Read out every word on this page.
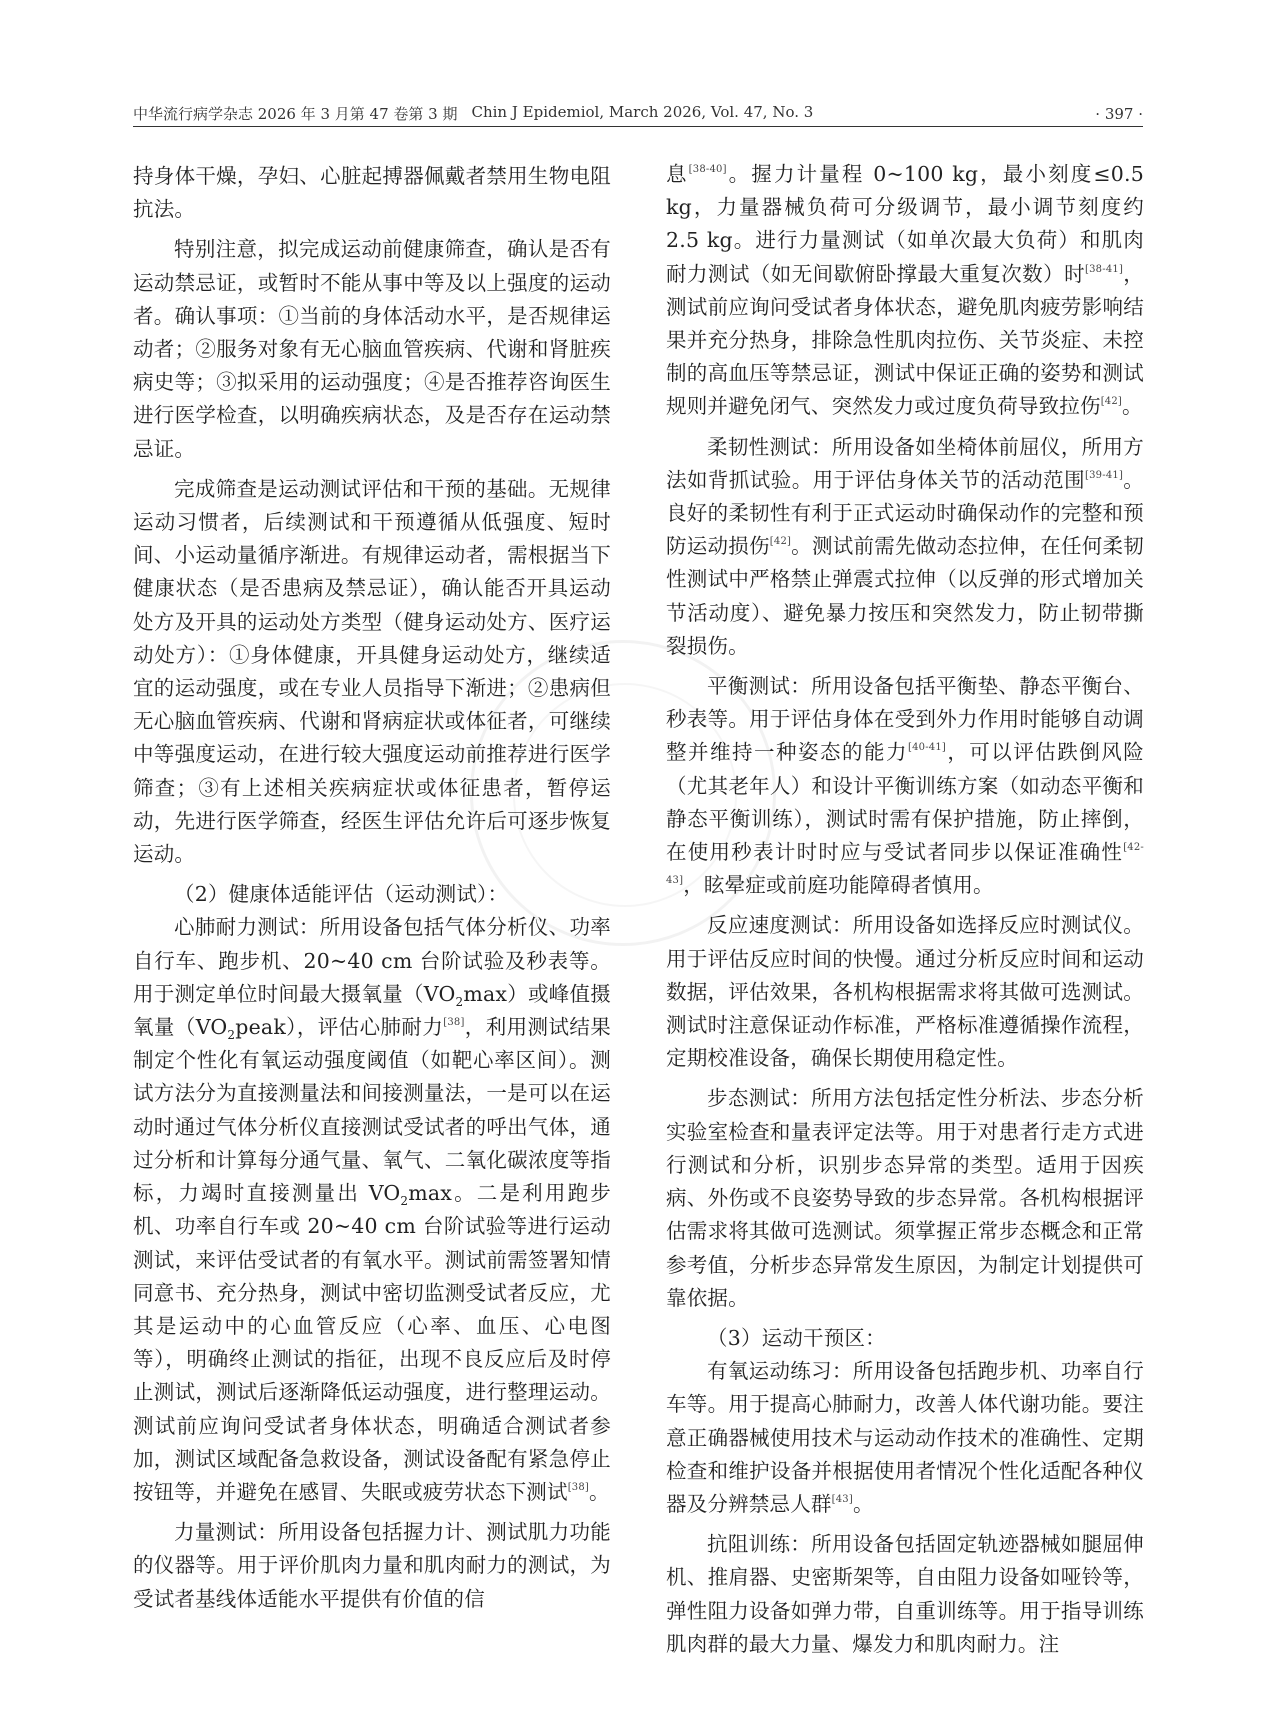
中华流行病学杂志 2026 年 3 月第 47 卷第 3 期 Chin J Epidemiol, March 2026, Vol. 47, No. 3	· 397 ·

持身体干燥，孕妇、心脏起搏器佩戴者禁用生物电阻抗法。

特别注意，拟完成运动前健康筛查，确认是否有运动禁忌证，或暂时不能从事中等及以上强度的运动者。确认事项：①当前的身体活动水平，是否规律运动者；②服务对象有无心脑血管疾病、代谢和肾脏疾病史等；③拟采用的运动强度；④是否推荐咨询医生进行医学检查，以明确疾病状态，及是否存在运动禁忌证。

完成筛查是运动测试评估和干预的基础。无规律运动习惯者，后续测试和干预遵循从低强度、短时间、小运动量循序渐进。有规律运动者，需根据当下健康状态（是否患病及禁忌证），确认能否开具运动处方及开具的运动处方类型（健身运动处方、医疗运动处方）：①身体健康，开具健身运动处方，继续适宜的运动强度，或在专业人员指导下渐进；②患病但无心脑血管疾病、代谢和肾病症状或体征者，可继续中等强度运动，在进行较大强度运动前推荐进行医学筛查；③有上述相关疾病症状或体征患者，暂停运动，先进行医学筛查，经医生评估允许后可逐步恢复运动。

（2）健康体适能评估（运动测试）：

心肺耐力测试：所用设备包括气体分析仪、功率自行车、跑步机、20~40 cm 台阶试验及秒表等。用于测定单位时间最大摄氧量$(VO_2\max)$或峰值摄氧量$(VO_2peak)$，评估心肺耐力[38]，利用测试结果制定个性化有氧运动强度阈值（如靶心率区间）。测试方法分为直接测量法和间接测量法，一是可以在运动时通过气体分析仪直接测试受试者的呼出气体，通过分析和计算每分通气量、氧气、二氧化碳浓度等指标，力竭时直接测量出 $VO_2\max$。二是利用跑步机、功率自行车或 20~40 cm 台阶试验等进行运动测试，来评估受试者的有氧水平。测试前需签署知情同意书、充分热身，测试中密切监测受试者反应，尤其是运动中的心血管反应（心率、血压、心电图等），明确终止测试的指征，出现不良反应后及时停止测试，测试后逐渐降低运动强度，进行整理运动。测试前应询问受试者身体状态，明确适合测试者参加，测试区域配备急救设备，测试设备配有紧急停止按钮等，并避免在感冒、失眠或疲劳状态下测试[38]。

力量测试：所用设备包括握力计、测试肌力功能的仪器等。用于评价肌肉力量和肌肉耐力的测试，为受试者基线体适能水平提供有价值的信

息[38-40]。握力计量程 0~100 kg，最小刻度≤0.5 kg，力量器械负荷可分级调节，最小调节刻度约 2.5 kg。进行力量测试（如单次最大负荷）和肌肉耐力测试（如无间歇俯卧撑最大重复次数）时[38-41]，测试前应询问受试者身体状态，避免肌肉疲劳影响结果并充分热身，排除急性肌肉拉伤、关节炎症、未控制的高血压等禁忌证，测试中保证正确的姿势和测试规则并避免闭气、突然发力或过度负荷导致拉伤[42]。

柔韧性测试：所用设备如坐椅体前屈仪，所用方法如背抓试验。用于评估身体关节的活动范围[39-41]。良好的柔韧性有利于正式运动时确保动作的完整和预防运动损伤[42]。测试前需先做动态拉伸，在任何柔韧性测试中严格禁止弹震式拉伸（以反弹的形式增加关节活动度）、避免暴力按压和突然发力，防止韧带撕裂损伤。

平衡测试：所用设备包括平衡垫、静态平衡台、秒表等。用于评估身体在受到外力作用时能够自动调整并维持一种姿态的能力[40-41]，可以评估跌倒风险（尤其老年人）和设计平衡训练方案（如动态平衡和静态平衡训练），测试时需有保护措施，防止摔倒，在使用秒表计时时应与受试者同步以保证准确性[42-43]，眩晕症或前庭功能障碍者慎用。

反应速度测试：所用设备如选择反应时测试仪。用于评估反应时间的快慢。通过分析反应时间和运动数据，评估效果，各机构根据需求将其做可选测试。测试时注意保证动作标准，严格标准遵循操作流程，定期校准设备，确保长期使用稳定性。

步态测试：所用方法包括定性分析法、步态分析实验室检查和量表评定法等。用于对患者行走方式进行测试和分析，识别步态异常的类型。适用于因疾病、外伤或不良姿势导致的步态异常。各机构根据评估需求将其做可选测试。须掌握正常步态概念和正常参考值，分析步态异常发生原因，为制定计划提供可靠依据。

（3）运动干预区：

有氧运动练习：所用设备包括跑步机、功率自行车等。用于提高心肺耐力，改善人体代谢功能。要注意正确器械使用技术与运动动作技术的准确性、定期检查和维护设备并根据使用者情况个性化适配各种仪器及分辨禁忌人群[43]。

抗阻训练：所用设备包括固定轨迹器械如腿屈伸机、推肩器、史密斯架等，自由阻力设备如哑铃等，弹性阻力设备如弹力带，自重训练等。用于指导训练肌肉群的最大力量、爆发力和肌肉耐力。注
